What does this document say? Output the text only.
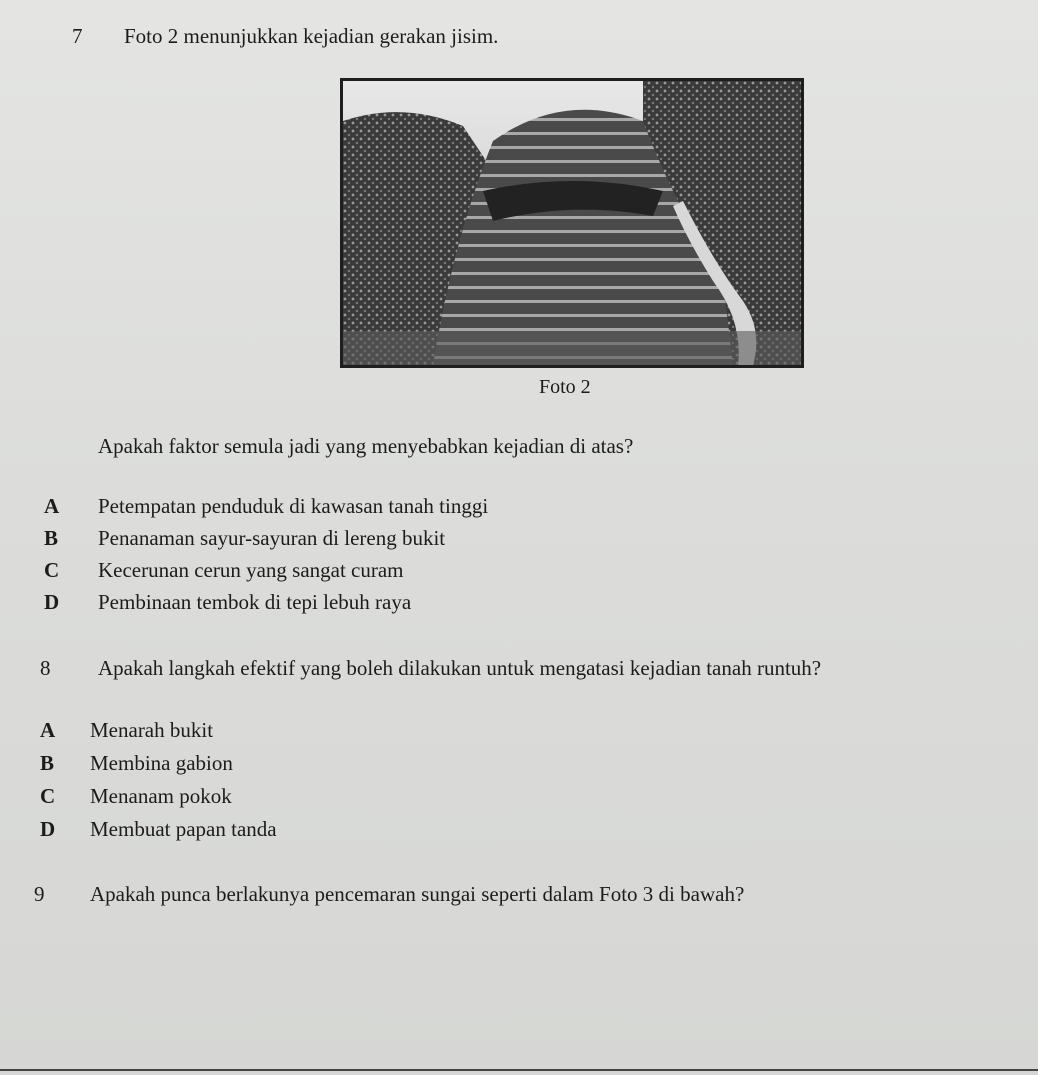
7 Foto 2 menunjukkan kejadian gerakan jisim.
Foto 2
Apakah faktor semula jadi yang menyebabkan kejadian di atas?
A Petempatan penduduk di kawasan tanah tinggi
B Penanaman sayur-sayuran di lereng bukit
C Kecerunan cerun yang sangat curam
D Pembinaan tembok di tepi lebuh raya
8 Apakah langkah efektif yang boleh dilakukan untuk mengatasi kejadian tanah runtuh?
A Menarah bukit
B Membina gabion
C Menanam pokok
D Membuat papan tanda
9 Apakah punca berlakunya pencemaran sungai seperti dalam Foto 3 di bawah?
